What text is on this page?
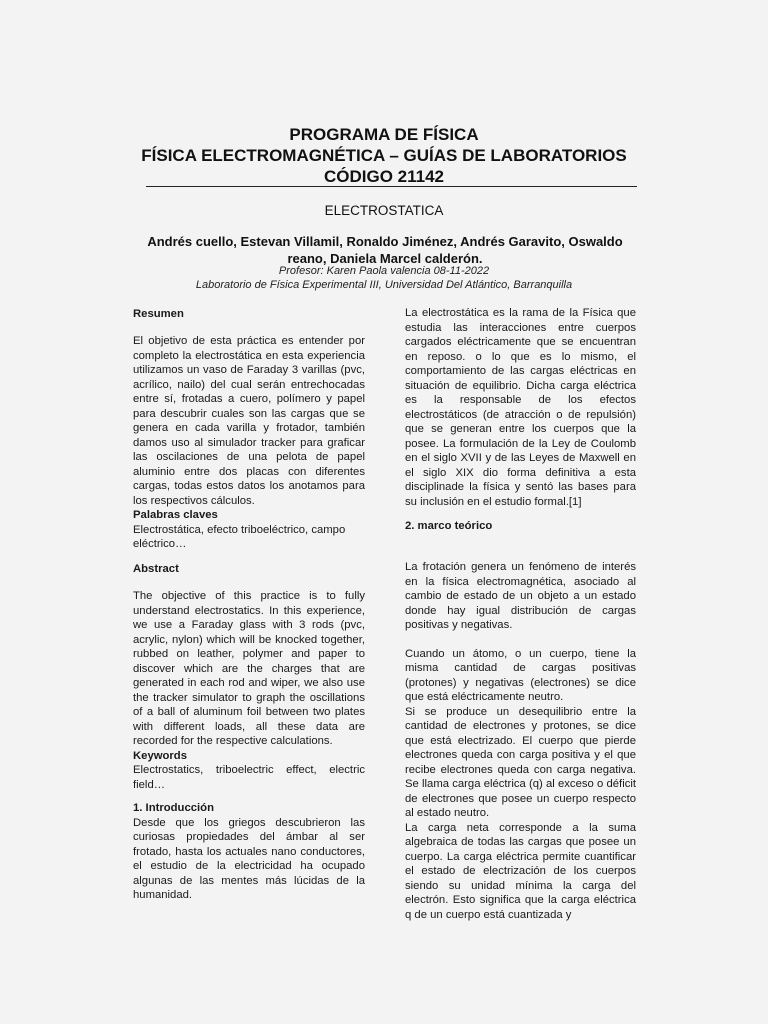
PROGRAMA DE FÍSICA
FÍSICA ELECTROMAGNÉTICA – GUÍAS DE LABORATORIOS
CÓDIGO 21142
ELECTROSTATICA
Andrés cuello, Estevan Villamil, Ronaldo Jiménez, Andrés Garavito, Oswaldo reano, Daniela Marcel calderón.
Profesor: Karen Paola valencia 08-11-2022
Laboratorio de Física Experimental III, Universidad Del Atlántico, Barranquilla

Resumen

El objetivo de esta práctica es entender por completo la electrostática en esta experiencia utilizamos un vaso de Faraday 3 varillas (pvc, acrílico, nailo) del cual serán entrechocadas entre sí, frotadas a cuero, polímero y papel para descubrir cuales son las cargas que se genera en cada varilla y frotador, también damos uso al simulador tracker para graficar las oscilaciones de una pelota de papel aluminio entre dos placas con diferentes cargas, todas estos datos los anotamos para los respectivos cálculos.

Palabras claves

Electrostática, efecto triboeléctrico, campo eléctrico…

Abstract

The objective of this practice is to fully understand electrostatics. In this experience, we use a Faraday glass with 3 rods (pvc, acrylic, nylon) which will be knocked together, rubbed on leather, polymer and paper to discover which are the charges that are generated in each rod and wiper, we also use the tracker simulator to graph the oscillations of a ball of aluminum foil between two plates with different loads, all these data are recorded for the respective calculations.

Keywords

Electrostatics, triboelectric effect, electric field…

1. Introducción

Desde que los griegos descubrieron las curiosas propiedades del ámbar al ser frotado, hasta los actuales nano conductores, el estudio de la electricidad ha ocupado algunas de las mentes más lúcidas de la humanidad.

La electrostática es la rama de la Física que estudia las interacciones entre cuerpos cargados eléctricamente que se encuentran en reposo. o lo que es lo mismo, el comportamiento de las cargas eléctricas en situación de equilibrio. Dicha carga eléctrica es la responsable de los efectos electrostáticos (de atracción o de repulsión) que se generan entre los cuerpos que la posee. La formulación de la Ley de Coulomb en el siglo XVII y de las Leyes de Maxwell en el siglo XIX dio forma definitiva a esta disciplinade la física y sentó las bases para su inclusión en el estudio formal.[1]

2. marco teórico

La frotación genera un fenómeno de interés en la física electromagnética, asociado al cambio de estado de un objeto a un estado donde hay igual distribución de cargas positivas y negativas.

Cuando un átomo, o un cuerpo, tiene la misma cantidad de cargas positivas (protones) y negativas (electrones) se dice que está eléctricamente neutro.

Si se produce un desequilibrio entre la cantidad de electrones y protones, se dice que está electrizado. El cuerpo que pierde electrones queda con carga positiva y el que recibe electrones queda con carga negativa. Se llama carga eléctrica (q) al exceso o déficit de electrones que posee un cuerpo respecto al estado neutro.

La carga neta corresponde a la suma algebraica de todas las cargas que posee un cuerpo. La carga eléctrica permite cuantificar el estado de electrización de los cuerpos siendo su unidad mínima la carga del electrón. Esto significa que la carga eléctrica q de un cuerpo está cuantizada y
